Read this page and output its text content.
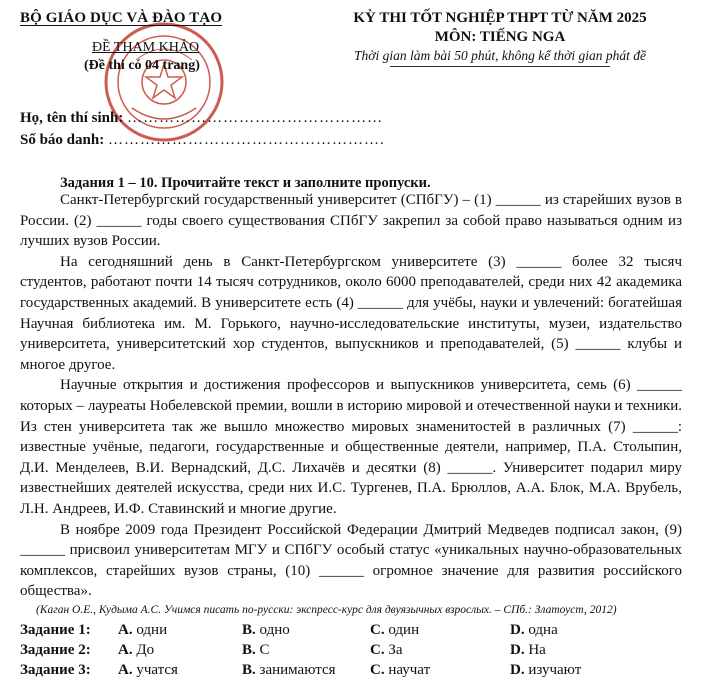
BỘ GIÁO DỤC VÀ ĐÀO TẠO
ĐỀ THAM KHẢO
(Đề thi có 04 trang)
KỲ THI TỐT NGHIỆP THPT TỪ NĂM 2025
MÔN: TIẾNG NGA
Thời gian làm bài 50 phút, không kể thời gian phát đề
Họ, tên thí sinh: …………………………………………
Số báo danh: …………………………………………….
Задания 1 – 10. Прочитайте текст и заполните пропуски.

Санкт-Петербургский государственный университет (СПбГУ) – (1) ______ из старейших вузов в России. (2) ______ годы своего существования СПбГУ закрепил за собой право называться одним из лучших вузов России.

На сегодняшний день в Санкт-Петербургском университете (3) ______ более 32 тысяч студентов, работают почти 14 тысяч сотрудников, около 6000 преподавателей, среди них 42 академика государственных академий. В университете есть (4) ______ для учёбы, науки и увлечений: богатейшая Научная библиотека им. М. Горького, научно-исследовательские институты, музеи, издательство университета, университетский хор студентов, выпускников и преподавателей, (5) ______ клубы и многое другое.

Научные открытия и достижения профессоров и выпускников университета, семь (6) ______ которых – лауреаты Нобелевской премии, вошли в историю мировой и отечественной науки и техники. Из стен университета так же вышло множество мировых знаменитостей в различных (7) ______: известные учёные, педагоги, государственные и общественные деятели, например, П.А. Столыпин, Д.И. Менделеев, В.И. Вернадский, Д.С. Лихачёв и десятки (8) ______. Университет подарил миру известнейших деятелей искусства, среди них И.С. Тургенев, П.А. Брюллов, А.А. Блок, М.А. Врубель, Л.Н. Андреев, И.Ф. Ставинский и многие другие.

В ноябре 2009 года Президент Российской Федерации Дмитрий Медведев подписал закон, (9) ______ присвоил университетам МГУ и СПбГУ особый статус «уникальных научно-образовательных комплексов, старейших вузов страны, (10) ______ огромное значение для развития российского общества».

(Каган О.Е., Кудыма А.С. Учимся писать по-русски: экспресс-курс для двуязычных взрослых. – СПб.: Златоуст, 2012)
Задание 1: A. одни	B. одно	C. один	D. одна
Задание 2: A. До	B. С	C. За	D. На
Задание 3: A. учатся	B. занимаются C. научат	D. изучают
